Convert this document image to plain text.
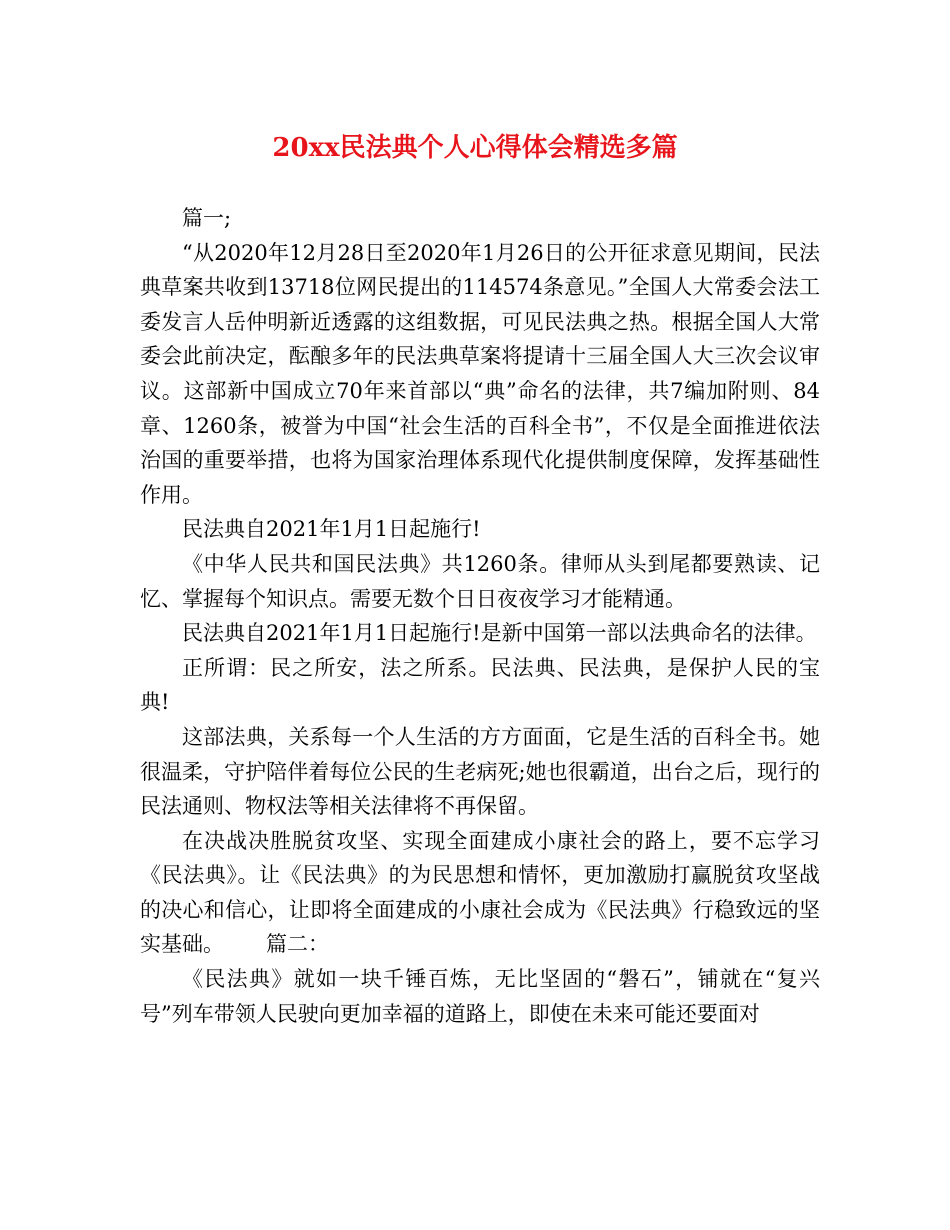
20xx民法典个人心得体会精选多篇

篇一;

“从2020年12月28日至2020年1月26日的公开征求意见期间，民法典草案共收到13718位网民提出的114574条意见。”全国人大常委会法工委发言人岳仲明新近透露的这组数据，可见民法典之热。根据全国人大常委会此前决定，酝酿多年的民法典草案将提请十三届全国人大三次会议审议。这部新中国成立70年来首部以“典”命名的法律，共7编加附则、84章、1260条，被誉为中国“社会生活的百科全书”，不仅是全面推进依法治国的重要举措，也将为国家治理体系现代化提供制度保障，发挥基础性作用。

民法典自2021年1月1日起施行!

《中华人民共和国民法典》共1260条。律师从头到尾都要熟读、记忆、掌握每个知识点。需要无数个日日夜夜学习才能精通。

民法典自2021年1月1日起施行!是新中国第一部以法典命名的法律。

正所谓：民之所安，法之所系。民法典、民法典，是保护人民的宝典!

这部法典，关系每一个人生活的方方面面，它是生活的百科全书。她很温柔，守护陪伴着每位公民的生老病死;她也很霸道，出台之后，现行的民法通则、物权法等相关法律将不再保留。

在决战决胜脱贫攻坚、实现全面建成小康社会的路上，要不忘学习《民法典》。让《民法典》的为民思想和情怀，更加激励打赢脱贫攻坚战的决心和信心，让即将全面建成的小康社会成为《民法典》行稳致远的坚实基础。 篇二：

《民法典》就如一块千锤百炼，无比坚固的“磐石”，铺就在“复兴号”列车带领人民驶向更加幸福的道路上，即使在未来可能还要面对
